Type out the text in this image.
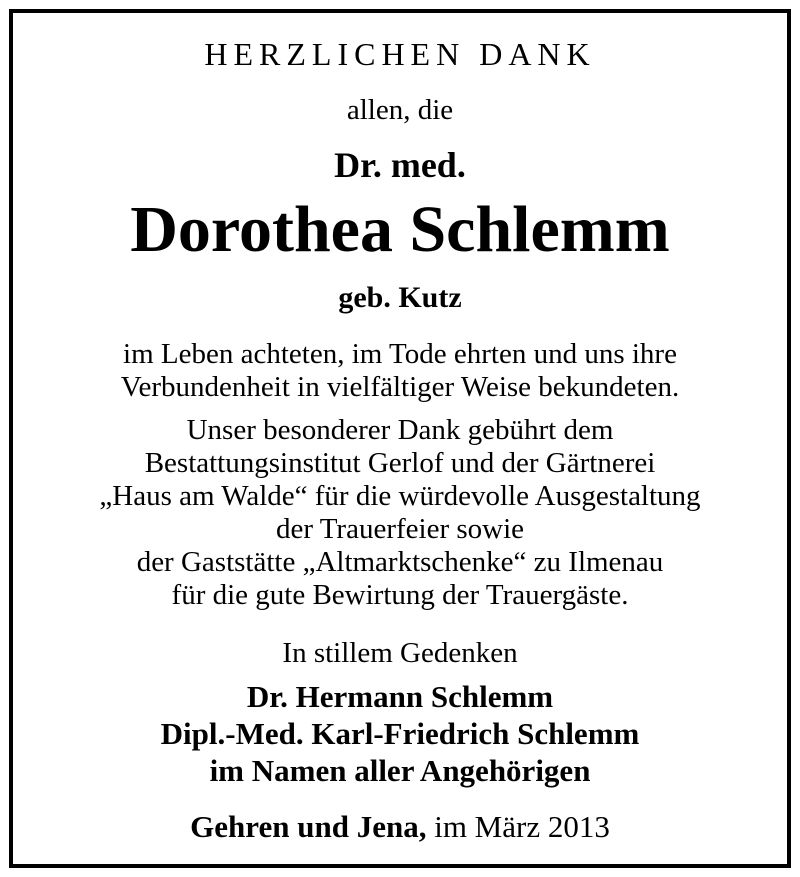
HERZLICHEN DANK
allen, die
Dr. med.
Dorothea Schlemm
geb. Kutz
im Leben achteten, im Tode ehrten und uns ihre
Verbundenheit in vielfältiger Weise bekundeten.
Unser besonderer Dank gebührt dem
Bestattungsinstitut Gerlof und der Gärtnerei
„Haus am Walde“ für die würdevolle Ausgestaltung
der Trauerfeier sowie
der Gaststätte „Altmarktschenke“ zu Ilmenau
für die gute Bewirtung der Trauergäste.
In stillem Gedenken
Dr. Hermann Schlemm
Dipl.-Med. Karl-Friedrich Schlemm
im Namen aller Angehörigen
Gehren und Jena, im März 2013
